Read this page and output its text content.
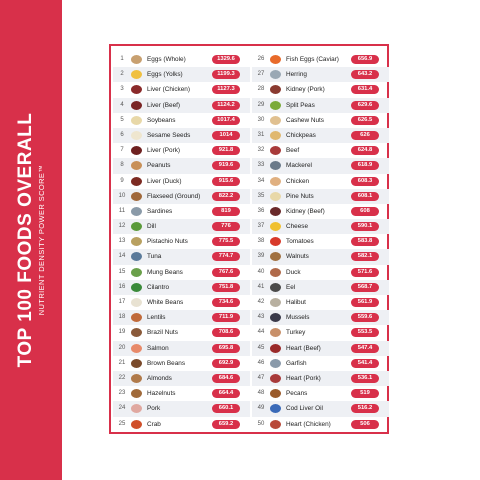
TOP 100 FOODS OVERALL NUTRIENT DENSITY POWER SCORE™
1	Eggs (Whole)	1329.6
2	Eggs (Yolks)	1199.3
3	Liver (Chicken)	1127.3
4	Liver (Beef)	1124.2
5	Soybeans	1017.4
6	Sesame Seeds	1014
7	Liver (Pork)	921.8
8	Peanuts	919.6
9	Liver (Duck)	915.6
10	Flaxseed (Ground)	822.2
11	Sardines	819
12	Dill	776
13	Pistachio Nuts	775.5
14	Tuna	774.7
15	Mung Beans	767.6
16	Cilantro	751.8
17	White Beans	734.6
18	Lentils	711.9
19	Brazil Nuts	708.6
20	Salmon	695.8
21	Brown Beans	692.9
22	Almonds	684.6
23	Hazelnuts	664.4
24	Pork	660.1
25	Crab	659.2
26	Fish Eggs (Caviar)	656.9
27	Herring	643.2
28	Kidney (Pork)	631.4
29	Split Peas	629.6
30	Cashew Nuts	626.5
31	Chickpeas	626
32	Beef	624.8
33	Mackerel	618.9
34	Chicken	608.3
35	Pine Nuts	608.1
36	Kidney (Beef)	608
37	Cheese	590.1
38	Tomatoes	583.8
39	Walnuts	582.1
40	Duck	571.6
41	Eel	568.7
42	Halibut	561.9
43	Mussels	559.6
44	Turkey	553.5
45	Heart (Beef)	547.4
46	Garfish	541.4
47	Heart (Pork)	536.1
48	Pecans	519
49	Cod Liver Oil	516.2
50	Heart (Chicken)	506
